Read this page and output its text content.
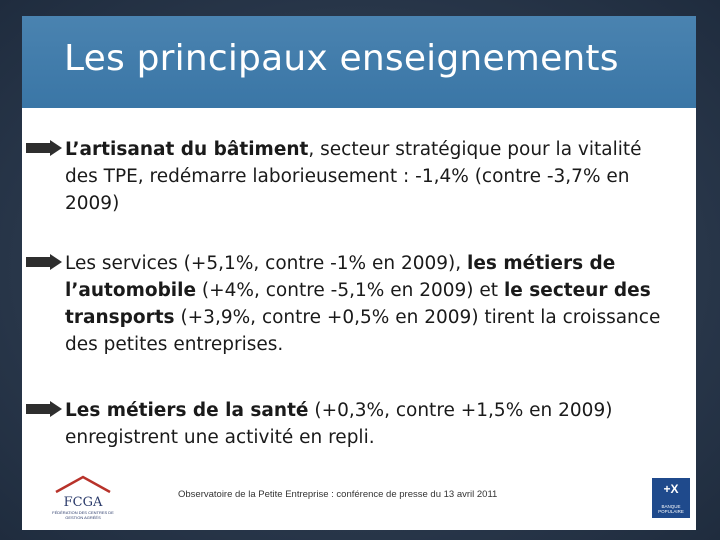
Les principaux enseignements
L’artisanat du bâtiment, secteur stratégique pour la vitalité des TPE, redémarre laborieusement : -1,4% (contre -3,7% en 2009)
Les services (+5,1%, contre -1% en 2009), les métiers de l’automobile (+4%, contre -5,1% en 2009) et le secteur des transports (+3,9%, contre +0,5% en 2009) tirent la croissance des petites entreprises.
Les métiers de la santé (+0,3%, contre +1,5% en 2009) enregistrent une activité en repli.
Observatoire de la Petite Entreprise : conférence de presse du 13 avril 2011
FCGA
FÉDÉRATION DES CENTRES DE GESTION AGRÉÉS
+X
BANQUE POPULAIRE
